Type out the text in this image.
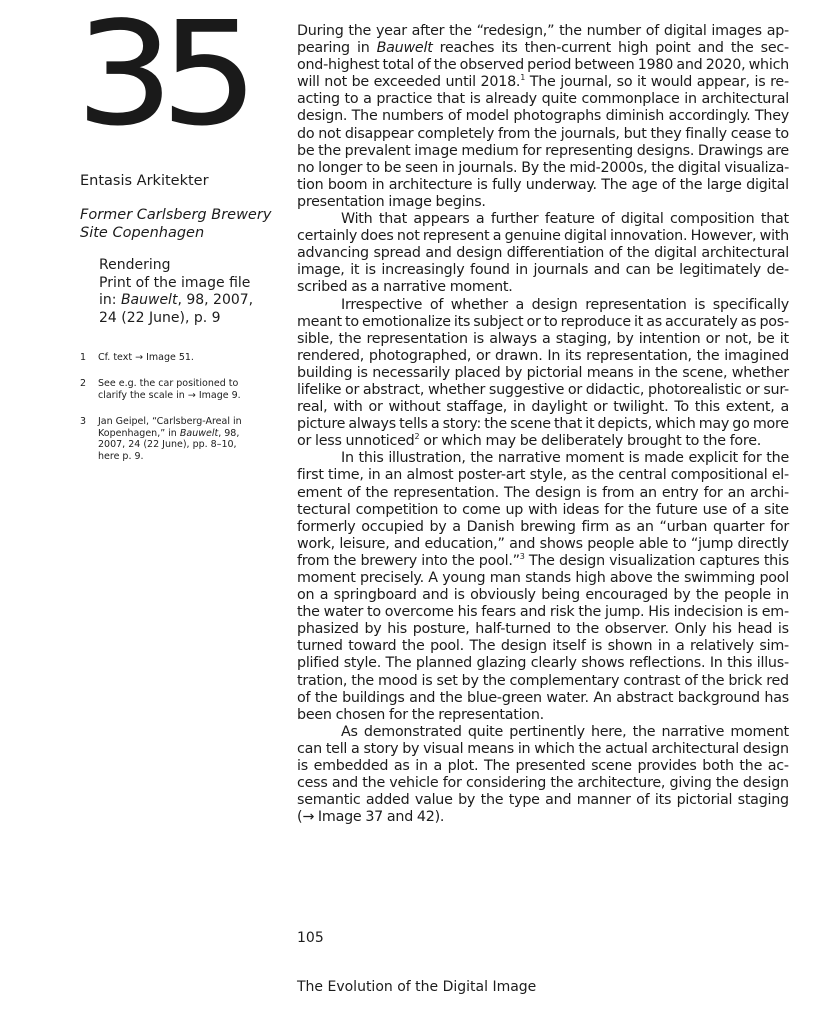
35
Entasis Arkitekter
Former Carlsberg Brewery
Site Copenhagen
Rendering
Print of the image file
in: Bauwelt, 98, 2007,
24 (22 June), p. 9
1 Cf. text → Image 51.
2 See e.g. the car positioned to
clarify the scale in → Image 9.
3 Jan Geipel, “Carlsberg-Areal in
Kopenhagen,” in Bauwelt, 98,
2007, 24 (22 June), pp. 8–10,
here p. 9.
During the year after the “redesign,” the number of digital images ap-
pearing in Bauwelt reaches its then-current high point and the sec-
ond-highest total of the observed period between 1980 and 2020, which
will not be exceeded until 2018.$^1$ The journal, so it would appear, is re-
acting to a practice that is already quite commonplace in architectural
design. The numbers of model photographs diminish accordingly. They
do not disappear completely from the journals, but they finally cease to
be the prevalent image medium for representing designs. Drawings are
no longer to be seen in journals. By the mid-2000s, the digital visualiza-
tion boom in architecture is fully underway. The age of the large digital
presentation image begins.
With that appears a further feature of digital composition that
certainly does not represent a genuine digital innovation. However, with
advancing spread and design differentiation of the digital architectural
image, it is increasingly found in journals and can be legitimately de-
scribed as a narrative moment.
Irrespective of whether a design representation is specifically
meant to emotionalize its subject or to reproduce it as accurately as pos-
sible, the representation is always a staging, by intention or not, be it
rendered, photographed, or drawn. In its representation, the imagined
building is necessarily placed by pictorial means in the scene, whether
lifelike or abstract, whether suggestive or didactic, photorealistic or sur-
real, with or without staffage, in daylight or twilight. To this extent, a
picture always tells a story: the scene that it depicts, which may go more
or less unnoticed$^2$ or which may be deliberately brought to the fore.
In this illustration, the narrative moment is made explicit for the
first time, in an almost poster-art style, as the central compositional el-
ement of the representation. The design is from an entry for an archi-
tectural competition to come up with ideas for the future use of a site
formerly occupied by a Danish brewing firm as an “urban quarter for
work, leisure, and education,” and shows people able to “jump directly
from the brewery into the pool.”$^3$ The design visualization captures this
moment precisely. A young man stands high above the swimming pool
on a springboard and is obviously being encouraged by the people in
the water to overcome his fears and risk the jump. His indecision is em-
phasized by his posture, half-turned to the observer. Only his head is
turned toward the pool. The design itself is shown in a relatively sim-
plified style. The planned glazing clearly shows reflections. In this illus-
tration, the mood is set by the complementary contrast of the brick red
of the buildings and the blue-green water. An abstract background has
been chosen for the representation.
As demonstrated quite pertinently here, the narrative moment
can tell a story by visual means in which the actual architectural design
is embedded as in a plot. The presented scene provides both the ac-
cess and the vehicle for considering the architecture, giving the design
semantic added value by the type and manner of its pictorial staging
(→ Image 37 and 42).
105
The Evolution of the Digital Image
